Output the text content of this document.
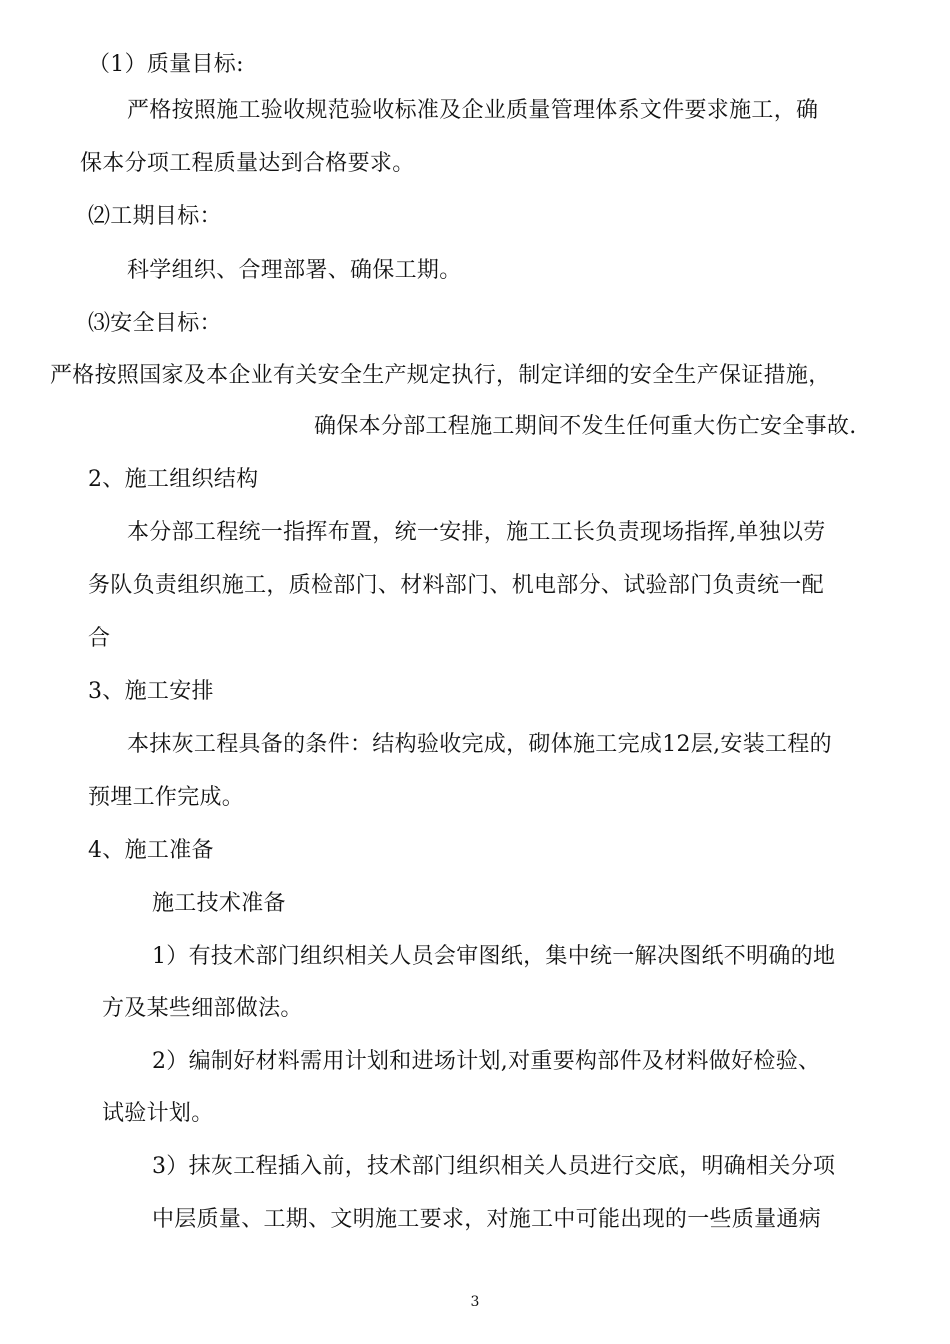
（1）质量目标:
严格按照施工验收规范验收标准及企业质量管理体系文件要求施工，确
保本分项工程质量达到合格要求。
⑵工期目标：
科学组织、合理部署、确保工期。
⑶安全目标：
严格按照国家及本企业有关安全生产规定执行，制定详细的安全生产保证措施，
确保本分部工程施工期间不发生任何重大伤亡安全事故.
2、施工组织结构
本分部工程统一指挥布置，统一安排，施工工长负责现场指挥,单独以劳
务队负责组织施工，质检部门、材料部门、机电部分、试验部门负责统一配
合
3、施工安排
本抹灰工程具备的条件：结构验收完成，砌体施工完成12层,安装工程的
预埋工作完成。
4、施工准备
施工技术准备
1）有技术部门组织相关人员会审图纸，集中统一解决图纸不明确的地
方及某些细部做法。
2）编制好材料需用计划和进场计划,对重要构部件及材料做好检验、
试验计划。
3）抹灰工程插入前，技术部门组织相关人员进行交底，明确相关分项
中层质量、工期、文明施工要求，对施工中可能出现的一些质量通病
3
